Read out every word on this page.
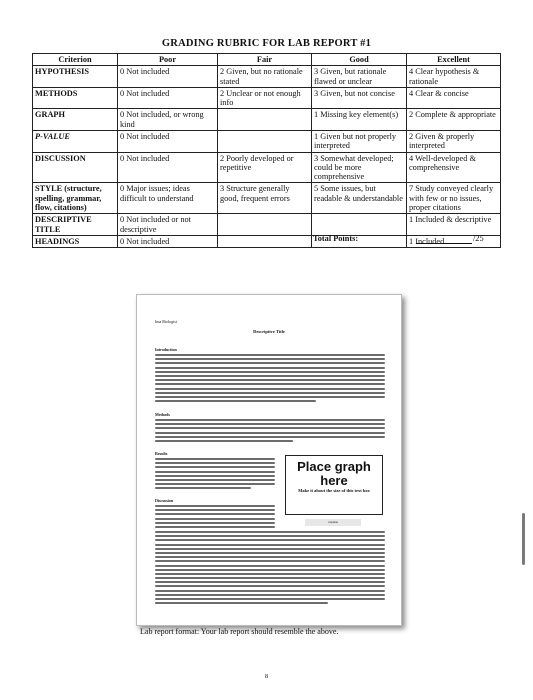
GRADING RUBRIC FOR LAB REPORT #1
Criterion	Poor	Fair	Good	Excellent
HYPOTHESIS	0 Not included	2 Given, but no rationale stated	3 Given, but rationale flawed or unclear	4 Clear hypothesis & rationale
METHODS	0 Not included	2 Unclear or not enough info	3 Given, but not concise	4 Clear & concise
GRAPH	0 Not included, or wrong kind		1 Missing key element(s)	2 Complete & appropriate
P-VALUE	0 Not included		1 Given but not properly interpreted	2 Given & properly interpreted
DISCUSSION	0 Not included	2 Poorly developed or repetitive	3 Somewhat developed; could be more comprehensive	4 Well-developed & comprehensive
STYLE (structure, spelling, grammar, flow, citations)	0 Major issues; ideas difficult to understand	3 Structure generally good, frequent errors	5 Some issues, but readable & understandable	7 Study conveyed clearly with few or no issues, proper citations
DESCRIPTIVE TITLE	0 Not included or not descriptive			1 Included & descriptive
HEADINGS	0 Not included			1 Included
Total Points:	/25
Ima Biologist
Descriptive Title
Introduction
Methods
Results
Place graph here
Make it about the size of this text box
Discussion
caption
Lab report format: Your lab report should resemble the above.
8
